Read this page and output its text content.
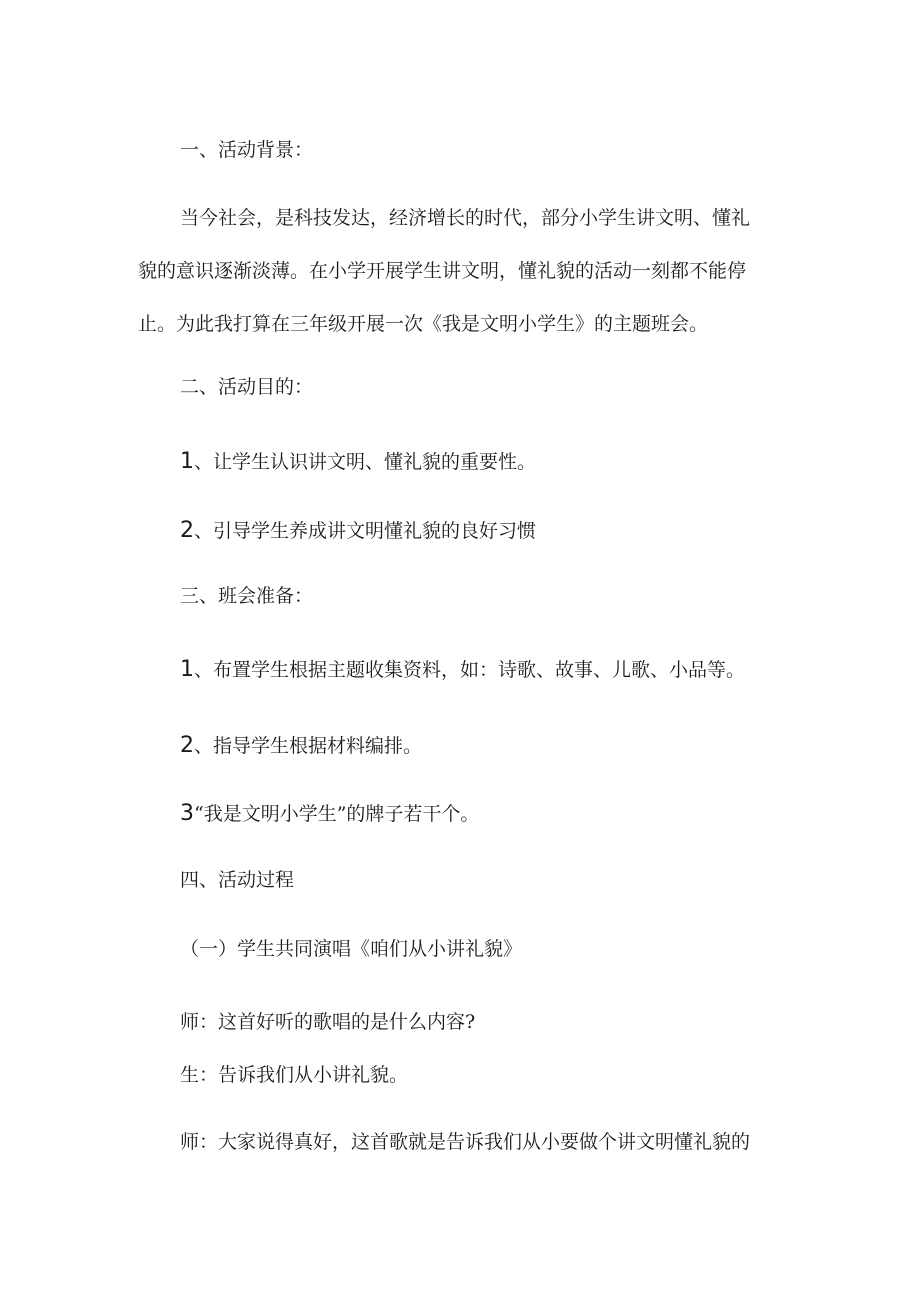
一、活动背景：
当今社会，是科技发达，经济增长的时代，部分小学生讲文明、懂礼
貌的意识逐渐淡薄。在小学开展学生讲文明，懂礼貌的活动一刻都不能停
止。为此我打算在三年级开展一次《我是文明小学生》的主题班会。
二、活动目的：
1、让学生认识讲文明、懂礼貌的重要性。
2、引导学生养成讲文明懂礼貌的良好习惯
三、班会准备：
1、布置学生根据主题收集资料，如：诗歌、故事、儿歌、小品等。
2、指导学生根据材料编排。
3“我是文明小学生”的牌子若干个。
四、活动过程
（一）学生共同演唱《咱们从小讲礼貌》
师：这首好听的歌唱的是什么内容?
生：告诉我们从小讲礼貌。
师：大家说得真好，这首歌就是告诉我们从小要做个讲文明懂礼貌的
